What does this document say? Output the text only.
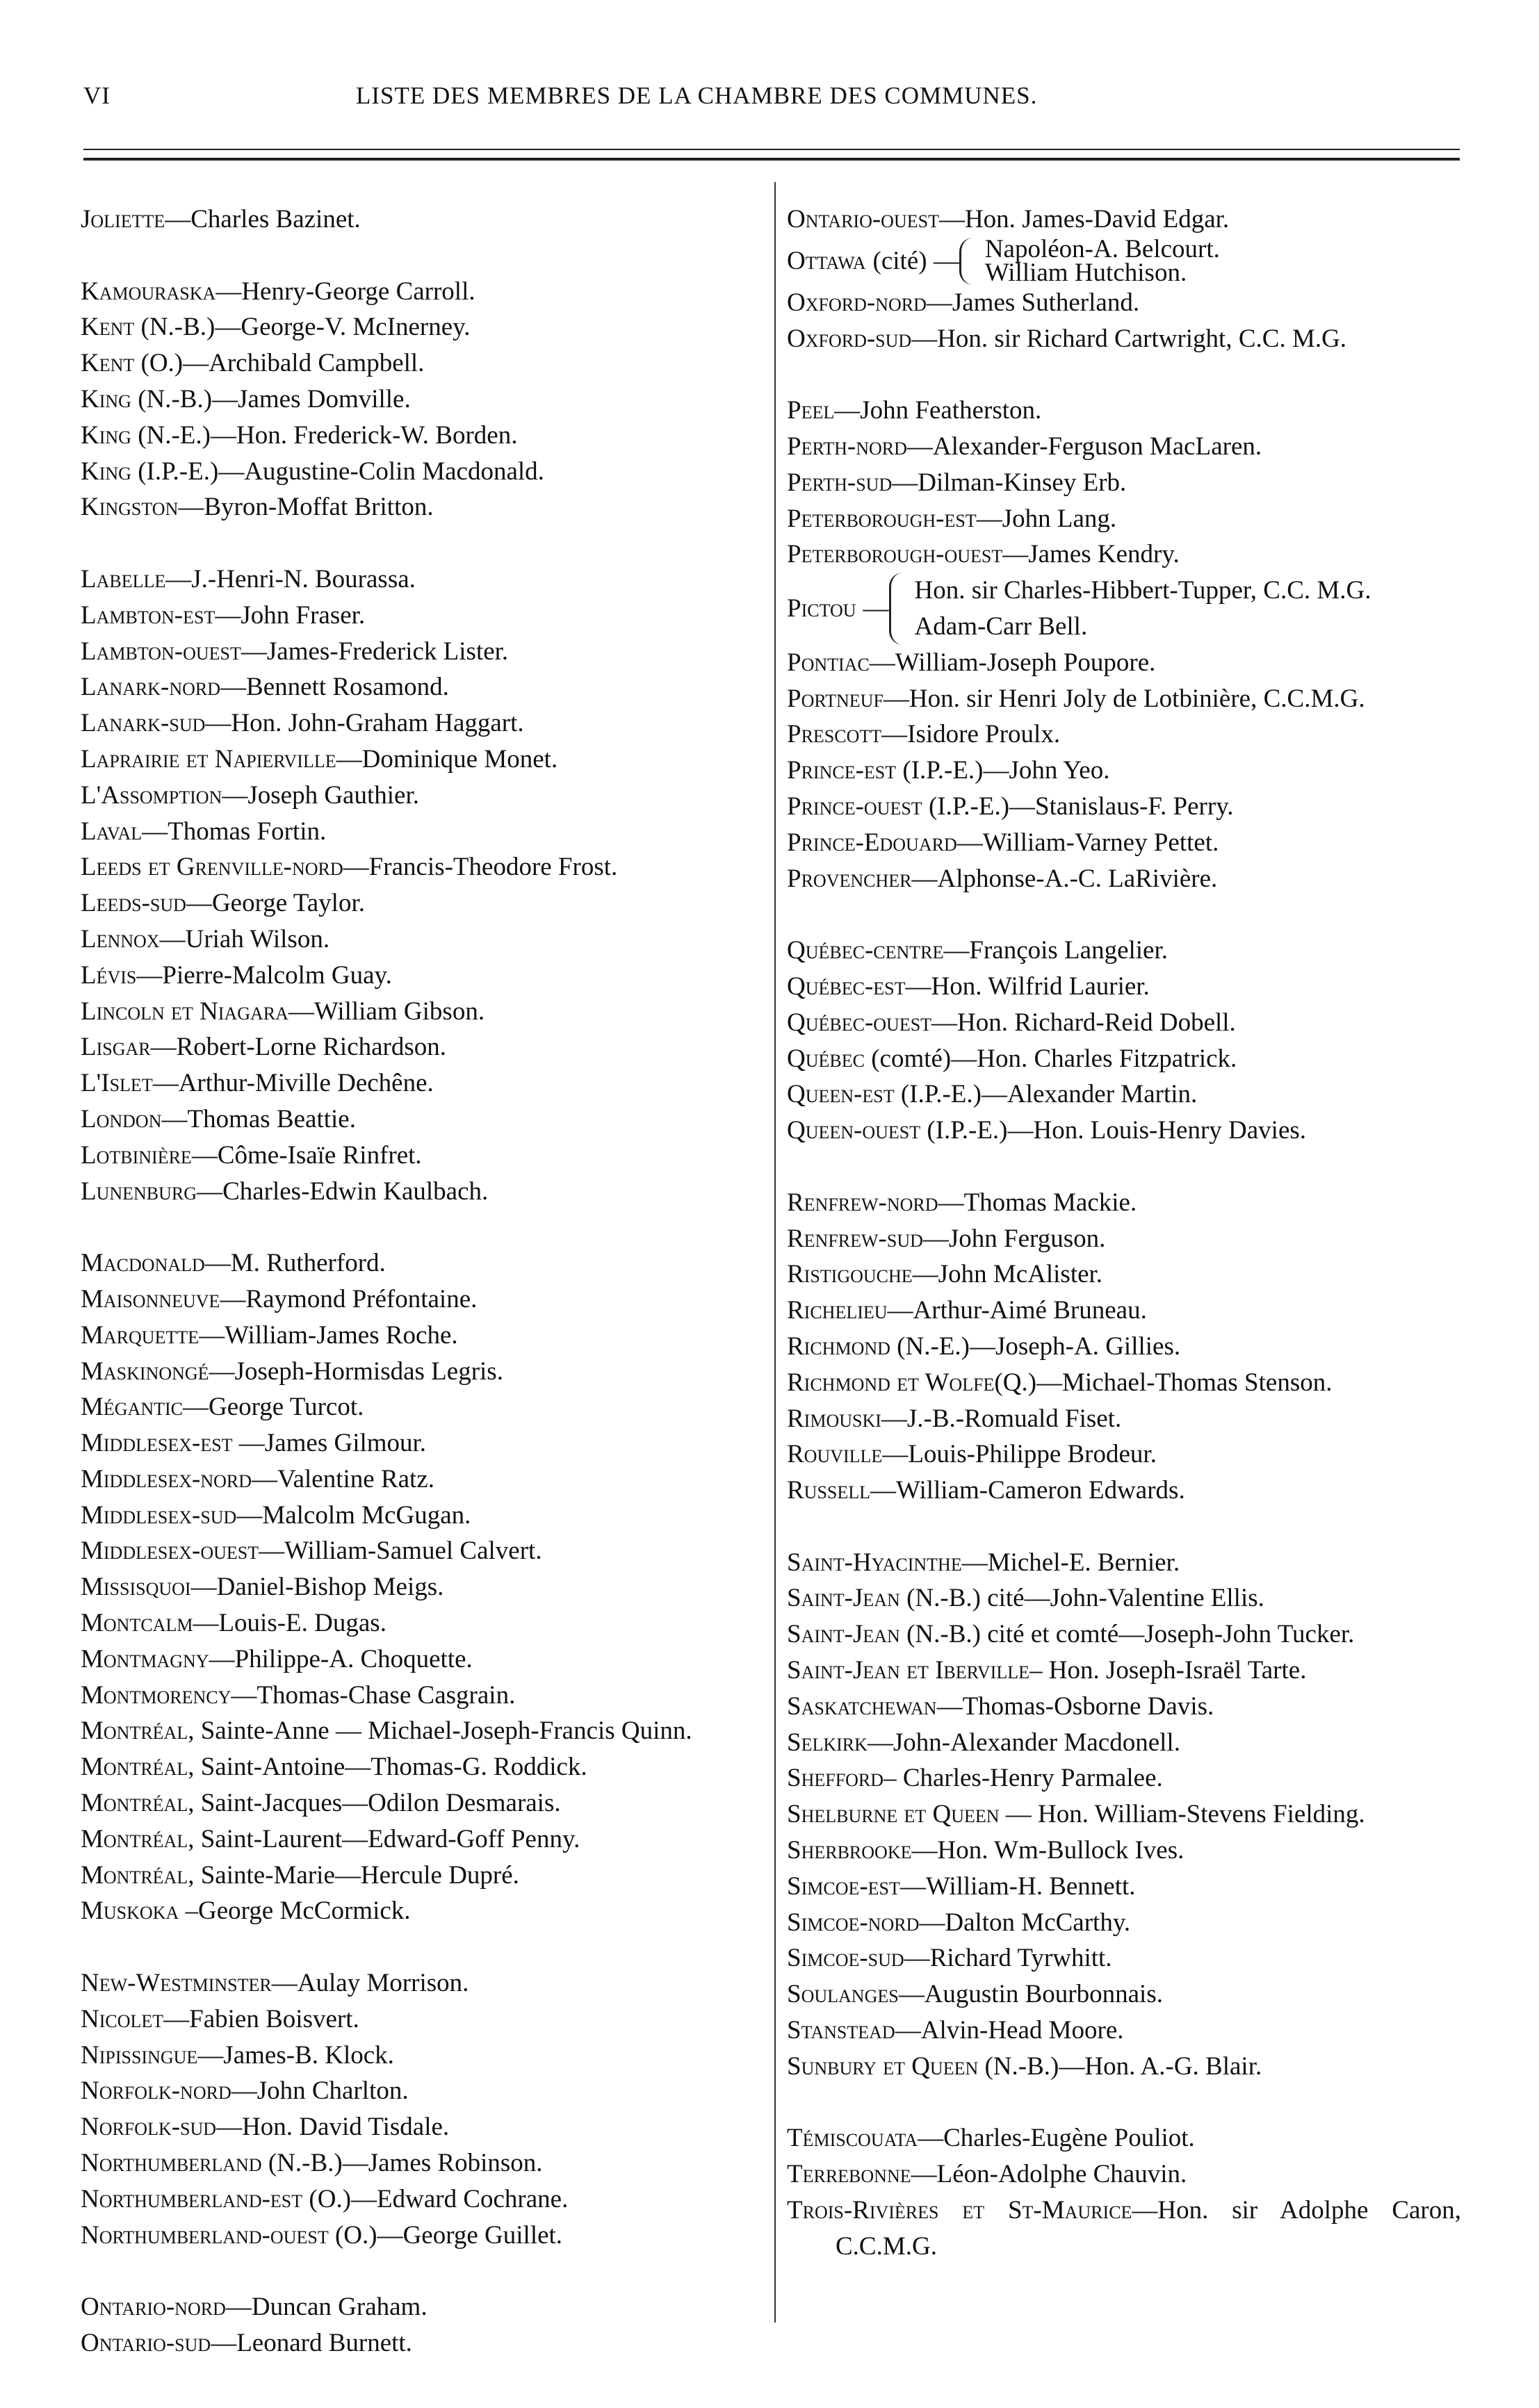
VI	LISTE DES MEMBRES DE LA CHAMBRE DES COMMUNES.
Joliette—Charles Bazinet.
Kamouraska—Henry-George Carroll.
Kent (N.-B.)—George-V. McInerney.
Kent (O.)—Archibald Campbell.
King (N.-B.)—James Domville.
King (N.-E.)—Hon. Frederick-W. Borden.
King (I.P.-E.)—Augustine-Colin Macdonald.
Kingston—Byron-Moffat Britton.
Labelle—J.-Henri-N. Bourassa.
Lambton-est—John Fraser.
Lambton-ouest—James-Frederick Lister.
Lanark-nord—Bennett Rosamond.
Lanark-sud—Hon. John-Graham Haggart.
Laprairie et Napierville—Dominique Monet.
L'Assomption—Joseph Gauthier.
Laval—Thomas Fortin.
Leeds et Grenville-nord—Francis-Theodore Frost.
Leeds-sud—George Taylor.
Lennox—Uriah Wilson.
Lévis—Pierre-Malcolm Guay.
Lincoln et Niagara—William Gibson.
Lisgar—Robert-Lorne Richardson.
L'Islet—Arthur-Miville Dechêne.
London—Thomas Beattie.
Lotbinière—Côme-Isaïe Rinfret.
Lunenburg—Charles-Edwin Kaulbach.
Macdonald—M. Rutherford.
Maisonneuve—Raymond Préfontaine.
Marquette—William-James Roche.
Maskinongé—Joseph-Hormisdas Legris.
Mégantic—George Turcot.
Middlesex-est —James Gilmour.
Middlesex-nord—Valentine Ratz.
Middlesex-sud—Malcolm McGugan.
Middlesex-ouest—William-Samuel Calvert.
Missisquoi—Daniel-Bishop Meigs.
Montcalm—Louis-E. Dugas.
Montmagny—Philippe-A. Choquette.
Montmorency—Thomas-Chase Casgrain.
Montréal, Sainte-Anne — Michael-Joseph-Francis Quinn.
Montréal, Saint-Antoine—Thomas-G. Roddick.
Montréal, Saint-Jacques—Odilon Desmarais.
Montréal, Saint-Laurent—Edward-Goff Penny.
Montréal, Sainte-Marie—Hercule Dupré.
Muskoka –George McCormick.
New-Westminster—Aulay Morrison.
Nicolet—Fabien Boisvert.
Nipissingue—James-B. Klock.
Norfolk-nord—John Charlton.
Norfolk-sud—Hon. David Tisdale.
Northumberland (N.-B.)—James Robinson.
Northumberland-est (O.)—Edward Cochrane.
Northumberland-ouest (O.)—George Guillet.
Ontario-nord—Duncan Graham.
Ontario-sud—Leonard Burnett.
Ontario-ouest—Hon. James-David Edgar.
Ottawa (cité) — Napoléon-A. Belcourt.
William Hutchison.
Oxford-nord—James Sutherland.
Oxford-sud—Hon. sir Richard Cartwright, C.C. M.G.
Peel—John Featherston.
Perth-nord—Alexander-Ferguson MacLaren.
Perth-sud—Dilman-Kinsey Erb.
Peterborough-est—John Lang.
Peterborough-ouest—James Kendry.
Pictou —
Hon. sir Charles-Hibbert-Tupper, C.C. M.G.
Adam-Carr Bell.
Pontiac—William-Joseph Poupore.
Portneuf—Hon. sir Henri Joly de Lotbinière, C.C.M.G.
Prescott—Isidore Proulx.
Prince-est (I.P.-E.)—John Yeo.
Prince-ouest (I.P.-E.)—Stanislaus-F. Perry.
Prince-Edouard—William-Varney Pettet.
Provencher—Alphonse-A.-C. LaRivière.
Québec-centre—François Langelier.
Québec-est—Hon. Wilfrid Laurier.
Québec-ouest—Hon. Richard-Reid Dobell.
Québec (comté)—Hon. Charles Fitzpatrick.
Queen-est (I.P.-E.)—Alexander Martin.
Queen-ouest (I.P.-E.)—Hon. Louis-Henry Davies.
Renfrew-nord—Thomas Mackie.
Renfrew-sud—John Ferguson.
Ristigouche—John McAlister.
Richelieu—Arthur-Aimé Bruneau.
Richmond (N.-E.)—Joseph-A. Gillies.
Richmond et Wolfe(Q.)—Michael-Thomas Stenson.
Rimouski—J.-B.-Romuald Fiset.
Rouville—Louis-Philippe Brodeur.
Russell—William-Cameron Edwards.
Saint-Hyacinthe—Michel-E. Bernier.
Saint-Jean (N.-B.) cité—John-Valentine Ellis.
Saint-Jean (N.-B.) cité et comté—Joseph-John Tucker.
Saint-Jean et Iberville– Hon. Joseph-Israël Tarte.
Saskatchewan—Thomas-Osborne Davis.
Selkirk—John-Alexander Macdonell.
Shefford– Charles-Henry Parmalee.
Shelburne et Queen — Hon. William-Stevens Fielding.
Sherbrooke—Hon. Wm-Bullock Ives.
Simcoe-est—William-H. Bennett.
Simcoe-nord—Dalton McCarthy.
Simcoe-sud—Richard Tyrwhitt.
Soulanges—Augustin Bourbonnais.
Stanstead—Alvin-Head Moore.
Sunbury et Queen (N.-B.)—Hon. A.-G. Blair.
Témiscouata—Charles-Eugène Pouliot.
Terrebonne—Léon-Adolphe Chauvin.
Trois-Rivières et St-Maurice—Hon. sir Adolphe Caron, C.C.M.G.
